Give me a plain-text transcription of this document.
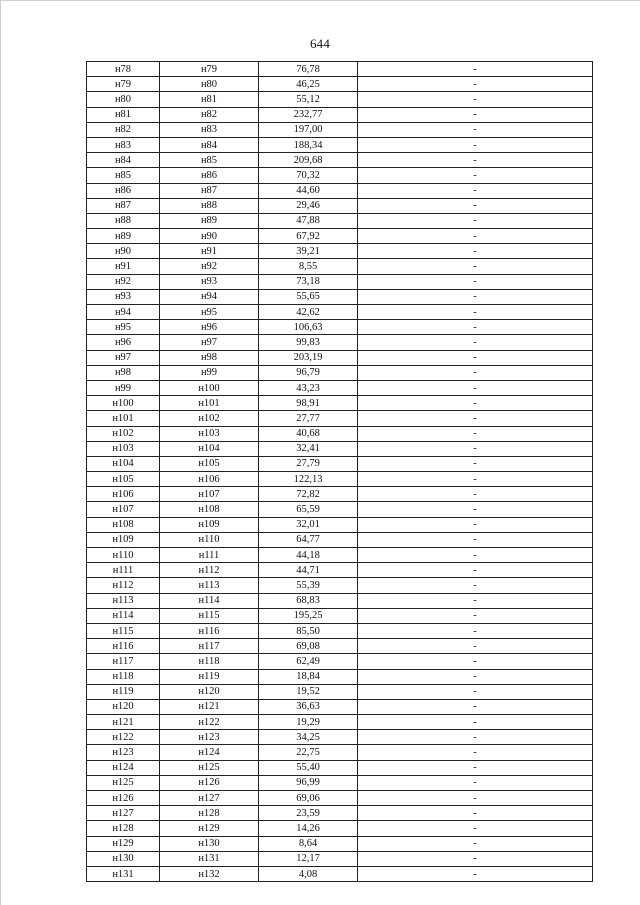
644
н78	н79	76,78	-
н79	н80	46,25	-
н80	н81	55,12	-
н81	н82	232,77	-
н82	н83	197,00	-
н83	н84	188,34	-
н84	н85	209,68	-
н85	н86	70,32	-
н86	н87	44,60	-
н87	н88	29,46	-
н88	н89	47,88	-
н89	н90	67,92	-
н90	н91	39,21	-
н91	н92	8,55	-
н92	н93	73,18	-
н93	н94	55,65	-
н94	н95	42,62	-
н95	н96	106,63	-
н96	н97	99,83	-
н97	н98	203,19	-
н98	н99	96,79	-
н99	н100	43,23	-
н100	н101	98,91	-
н101	н102	27,77	-
н102	н103	40,68	-
н103	н104	32,41	-
н104	н105	27,79	-
н105	н106	122,13	-
н106	н107	72,82	-
н107	н108	65,59	-
н108	н109	32,01	-
н109	н110	64,77	-
н110	н111	44,18	-
н111	н112	44,71	-
н112	н113	55,39	-
н113	н114	68,83	-
н114	н115	195,25	-
н115	н116	85,50	-
н116	н117	69,08	-
н117	н118	62,49	-
н118	н119	18,84	-
н119	н120	19,52	-
н120	н121	36,63	-
н121	н122	19,29	-
н122	н123	34,25	-
н123	н124	22,75	-
н124	н125	55,40	-
н125	н126	96,99	-
н126	н127	69,06	-
н127	н128	23,59	-
н128	н129	14,26	-
н129	н130	8,64	-
н130	н131	12,17	-
н131	н132	4,08	-
